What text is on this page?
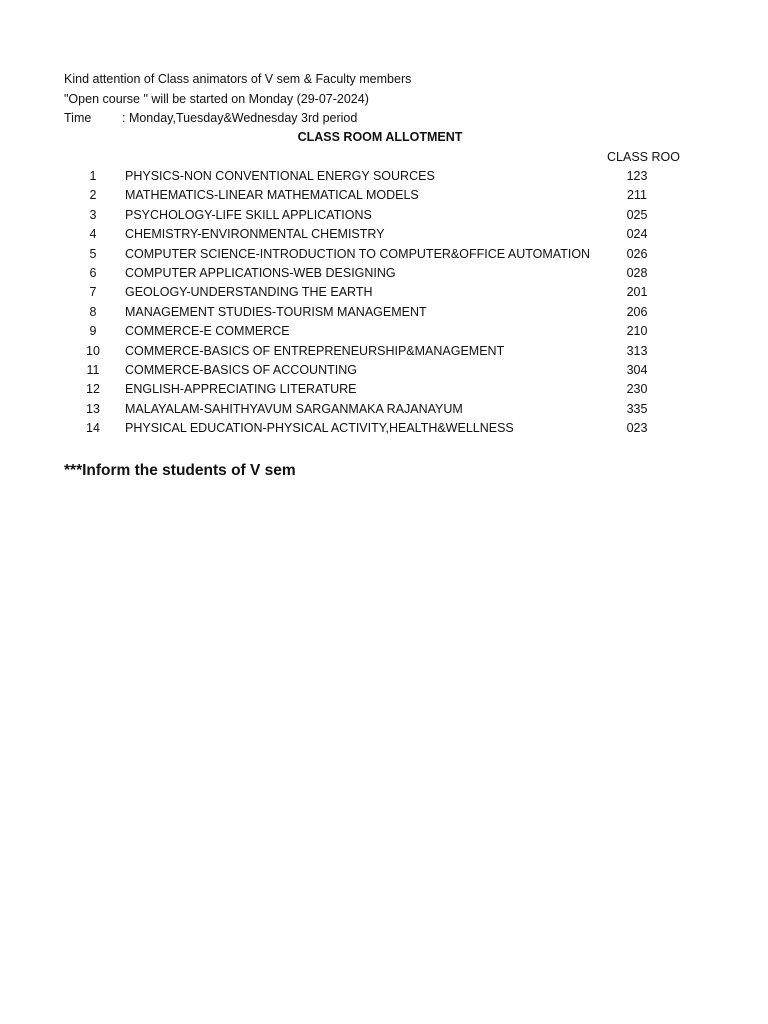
Kind attention of Class animators of V sem & Faculty members
"Open course " will be started on Monday (29-07-2024)
Time : Monday,Tuesday&Wednesday 3rd period
CLASS ROOM ALLOTMENT
CLASS ROO
1	PHYSICS-NON CONVENTIONAL ENERGY SOURCES	123
2	MATHEMATICS-LINEAR MATHEMATICAL MODELS	211
3	PSYCHOLOGY-LIFE SKILL APPLICATIONS	025
4	CHEMISTRY-ENVIRONMENTAL CHEMISTRY	024
5	COMPUTER SCIENCE-INTRODUCTION TO COMPUTER&OFFICE AUTOMATION	026
6	COMPUTER APPLICATIONS-WEB DESIGNING	028
7	GEOLOGY-UNDERSTANDING THE EARTH	201
8	MANAGEMENT STUDIES-TOURISM MANAGEMENT	206
9	COMMERCE-E COMMERCE	210
10	COMMERCE-BASICS OF ENTREPRENEURSHIP&MANAGEMENT	313
11	COMMERCE-BASICS OF ACCOUNTING	304
12	ENGLISH-APPRECIATING LITERATURE	230
13	MALAYALAM-SAHITHYAVUM SARGANMAKA RAJANAYUM	335
14	PHYSICAL EDUCATION-PHYSICAL ACTIVITY,HEALTH&WELLNESS	023
***Inform the students of V sem
